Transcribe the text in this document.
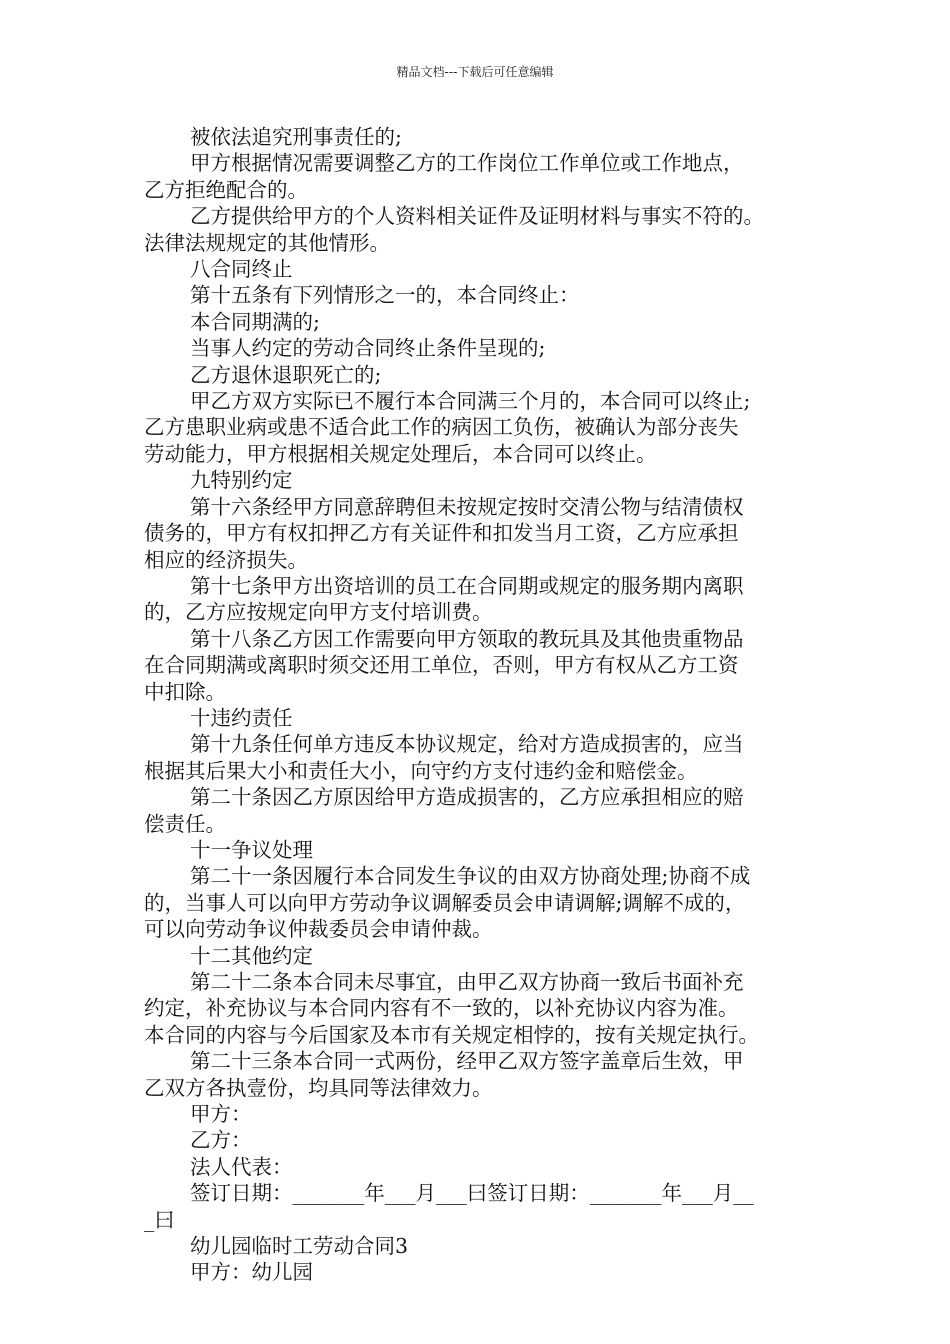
精品文档---下载后可任意编辑

被依法追究刑事责任的;

甲方根据情况需要调整乙方的工作岗位工作单位或工作地点，

乙方拒绝配合的。

乙方提供给甲方的个人资料相关证件及证明材料与事实不符的。

法律法规规定的其他情形。

八合同终止

第十五条有下列情形之一的，本合同终止：

本合同期满的;

当事人约定的劳动合同终止条件呈现的;

乙方退休退职死亡的;

甲乙方双方实际已不履行本合同满三个月的，本合同可以终止;

乙方患职业病或患不适合此工作的病因工负伤，被确认为部分丧失

劳动能力，甲方根据相关规定处理后，本合同可以终止。

九特别约定

第十六条经甲方同意辞聘但未按规定按时交清公物与结清债权

债务的，甲方有权扣押乙方有关证件和扣发当月工资，乙方应承担

相应的经济损失。

第十七条甲方出资培训的员工在合同期或规定的服务期内离职

的，乙方应按规定向甲方支付培训费。

第十八条乙方因工作需要向甲方领取的教玩具及其他贵重物品

在合同期满或离职时须交还用工单位，否则，甲方有权从乙方工资

中扣除。

十违约责任

第十九条任何单方违反本协议规定，给对方造成损害的，应当

根据其后果大小和责任大小，向守约方支付违约金和赔偿金。

第二十条因乙方原因给甲方造成损害的，乙方应承担相应的赔

偿责任。

十一争议处理

第二十一条因履行本合同发生争议的由双方协商处理;协商不成

的，当事人可以向甲方劳动争议调解委员会申请调解;调解不成的，

可以向劳动争议仲裁委员会申请仲裁。

十二其他约定

第二十二条本合同未尽事宜，由甲乙双方协商一致后书面补充

约定，补充协议与本合同内容有不一致的，以补充协议内容为准。

本合同的内容与今后国家及本市有关规定相悖的，按有关规定执行。

第二十三条本合同一式两份，经甲乙双方签字盖章后生效，甲

乙双方各执壹份，均具同等法律效力。

甲方：

乙方：

法人代表：

签订日期：_______年___月___曰签订日期：_______年___月__

_曰

幼儿园临时工劳动合同3

甲方：幼儿园
